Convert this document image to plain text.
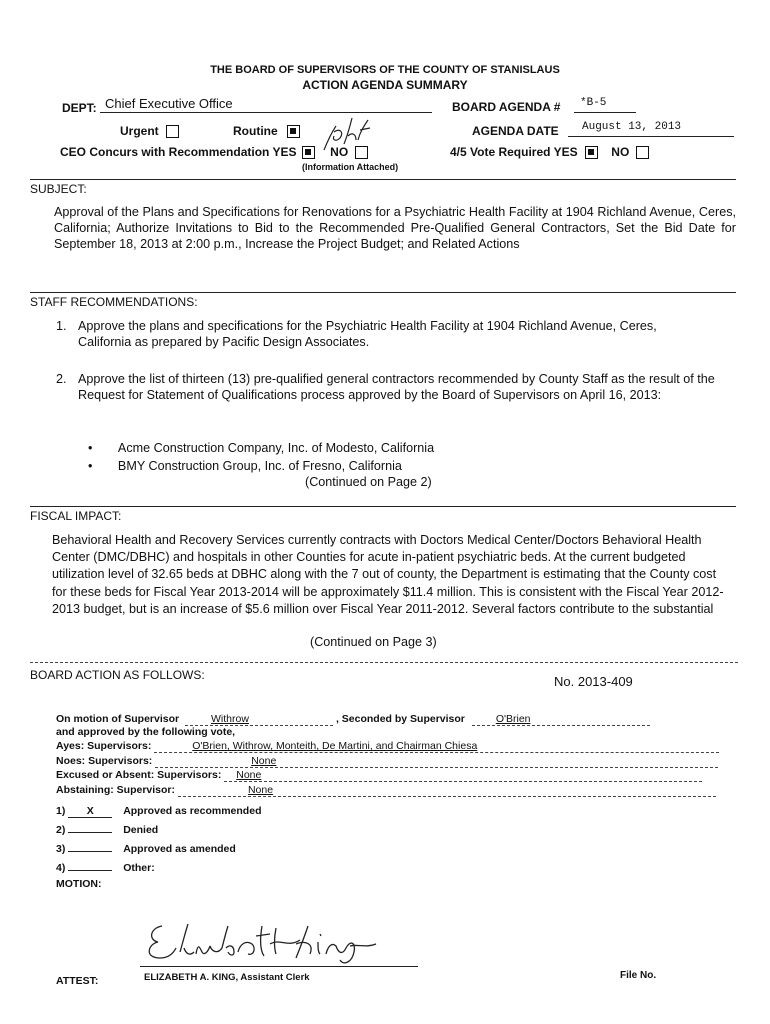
THE BOARD OF SUPERVISORS OF THE COUNTY OF STANISLAUS
ACTION AGENDA SUMMARY
DEPT: Chief Executive Office	BOARD AGENDA # *B-5
Urgent	Routine	AGENDA DATE August 13, 2013
CEO Concurs with Recommendation YES	NO
(Information Attached)
4/5 Vote Required YES	NO
SUBJECT:
Approval of the Plans and Specifications for Renovations for a Psychiatric Health Facility at 1904 Richland Avenue, Ceres, California; Authorize Invitations to Bid to the Recommended Pre-Qualified General Contractors, Set the Bid Date for September 18, 2013 at 2:00 p.m., Increase the Project Budget; and Related Actions
STAFF RECOMMENDATIONS:
1. Approve the plans and specifications for the Psychiatric Health Facility at 1904 Richland Avenue, Ceres, California as prepared by Pacific Design Associates.
2. Approve the list of thirteen (13) pre-qualified general contractors recommended by County Staff as the result of the Request for Statement of Qualifications process approved by the Board of Supervisors on April 16, 2013:
• Acme Construction Company, Inc. of Modesto, California
• BMY Construction Group, Inc. of Fresno, California
(Continued on Page 2)
FISCAL IMPACT:
Behavioral Health and Recovery Services currently contracts with Doctors Medical Center/Doctors Behavioral Health Center (DMC/DBHC) and hospitals in other Counties for acute in-patient psychiatric beds. At the current budgeted utilization level of 32.65 beds at DBHC along with the 7 out of county, the Department is estimating that the County cost for these beds for Fiscal Year 2013-2014 will be approximately $11.4 million. This is consistent with the Fiscal Year 2012-2013 budget, but is an increase of $5.6 million over Fiscal Year 2011-2012. Several factors contribute to the substantial
(Continued on Page 3)
BOARD ACTION AS FOLLOWS:	No. 2013-409
On motion of Supervisor	Withrow	, Seconded by Supervisor	O'Brien
and approved by the following vote,
Ayes: Supervisors:	O'Brien, Withrow, Monteith, De Martini, and Chairman Chiesa
Noes: Supervisors:	None
Excused or Absent: Supervisors: None
Abstaining: Supervisor:	None
1) X	Approved as recommended
2)	Denied
3)	Approved as amended
4)	Other:
MOTION:
ATTEST:	ELIZABETH A. KING, Assistant Clerk	File No.
